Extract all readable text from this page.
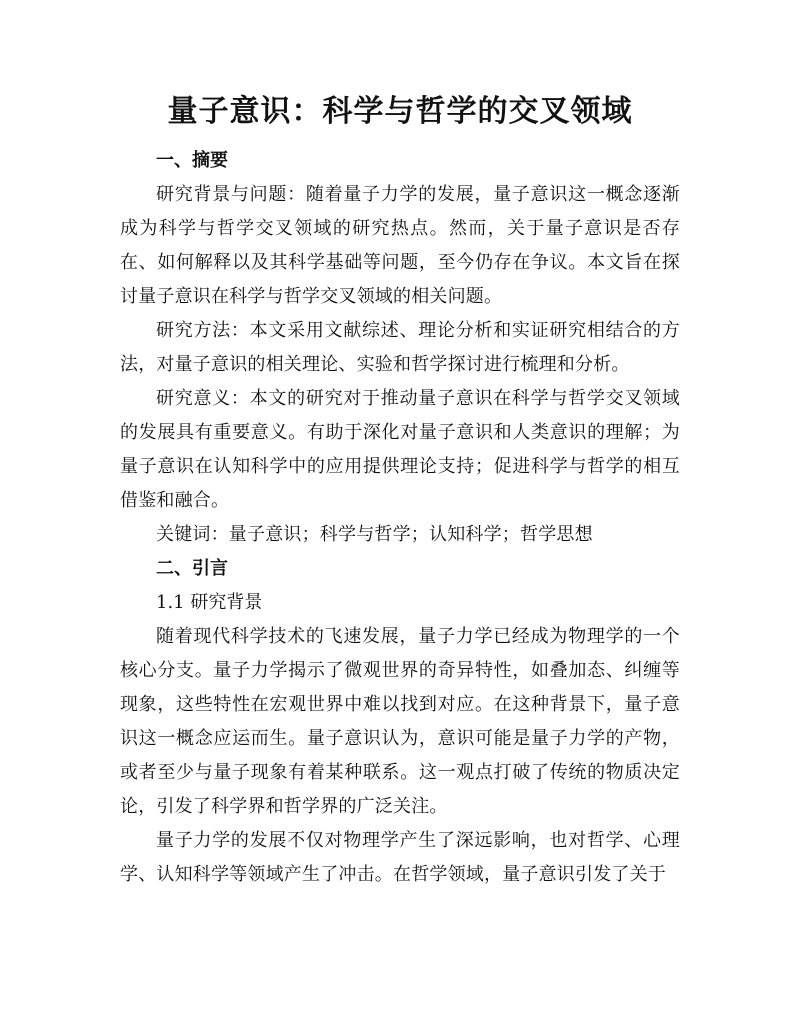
量子意识：科学与哲学的交叉领域

一、摘要

研究背景与问题：随着量子力学的发展，量子意识这一概念逐渐成为科学与哲学交叉领域的研究热点。然而，关于量子意识是否存在、如何解释以及其科学基础等问题，至今仍存在争议。本文旨在探讨量子意识在科学与哲学交叉领域的相关问题。

研究方法：本文采用文献综述、理论分析和实证研究相结合的方法，对量子意识的相关理论、实验和哲学探讨进行梳理和分析。

研究意义：本文的研究对于推动量子意识在科学与哲学交叉领域的发展具有重要意义。有助于深化对量子意识和人类意识的理解；为量子意识在认知科学中的应用提供理论支持；促进科学与哲学的相互借鉴和融合。

关键词：量子意识；科学与哲学；认知科学；哲学思想

二、引言

1.1 研究背景

随着现代科学技术的飞速发展，量子力学已经成为物理学的一个核心分支。量子力学揭示了微观世界的奇异特性，如叠加态、纠缠等现象，这些特性在宏观世界中难以找到对应。在这种背景下，量子意识这一概念应运而生。量子意识认为，意识可能是量子力学的产物，或者至少与量子现象有着某种联系。这一观点打破了传统的物质决定论，引发了科学界和哲学界的广泛关注。

量子力学的发展不仅对物理学产生了深远影响，也对哲学、心理学、认知科学等领域产生了冲击。在哲学领域，量子意识引发了关于
